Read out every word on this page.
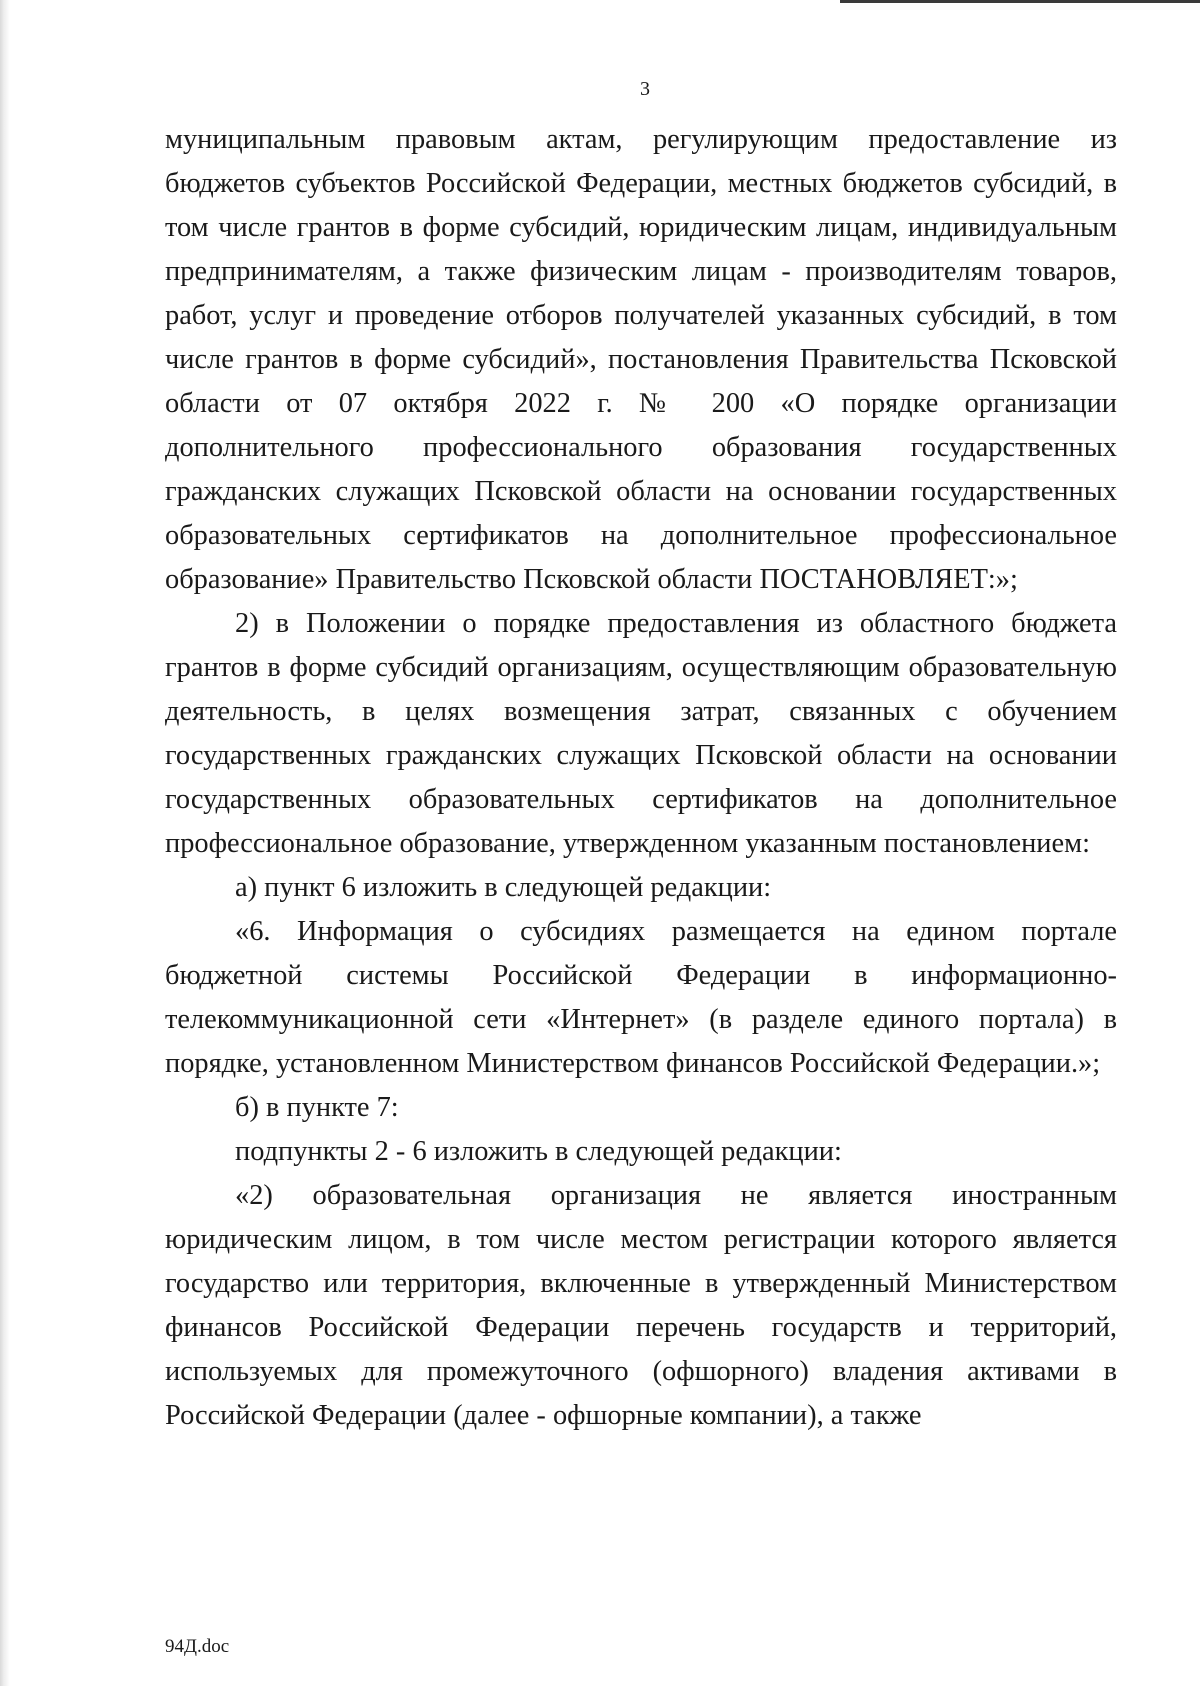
3

муниципальным правовым актам, регулирующим предоставление из бюджетов субъектов Российской Федерации, местных бюджетов субсидий, в том числе грантов в форме субсидий, юридическим лицам, индивидуальным предпринимателям, а также физическим лицам - производителям товаров, работ, услуг и проведение отборов получателей указанных субсидий, в том числе грантов в форме субсидий», постановления Правительства Псковской области от 07 октября 2022 г. № 200 «О порядке организации дополнительного профессионального образования государственных гражданских служащих Псковской области на основании государственных образовательных сертификатов на дополнительное профессиональное образование» Правительство Псковской области ПОСТАНОВЛЯЕТ:»;

2) в Положении о порядке предоставления из областного бюджета грантов в форме субсидий организациям, осуществляющим образовательную деятельность, в целях возмещения затрат, связанных с обучением государственных гражданских служащих Псковской области на основании государственных образовательных сертификатов на дополнительное профессиональное образование, утвержденном указанным постановлением:

а) пункт 6 изложить в следующей редакции:

«6. Информация о субсидиях размещается на едином портале бюджетной системы Российской Федерации в информационно-телекоммуникационной сети «Интернет» (в разделе единого портала) в порядке, установленном Министерством финансов Российской Федерации.»;

б) в пункте 7:

подпункты 2 - 6 изложить в следующей редакции:

«2) образовательная организация не является иностранным юридическим лицом, в том числе местом регистрации которого является государство или территория, включенные в утвержденный Министерством финансов Российской Федерации перечень государств и территорий, используемых для промежуточного (офшорного) владения активами в Российской Федерации (далее - офшорные компании), а также

94Д.doc
